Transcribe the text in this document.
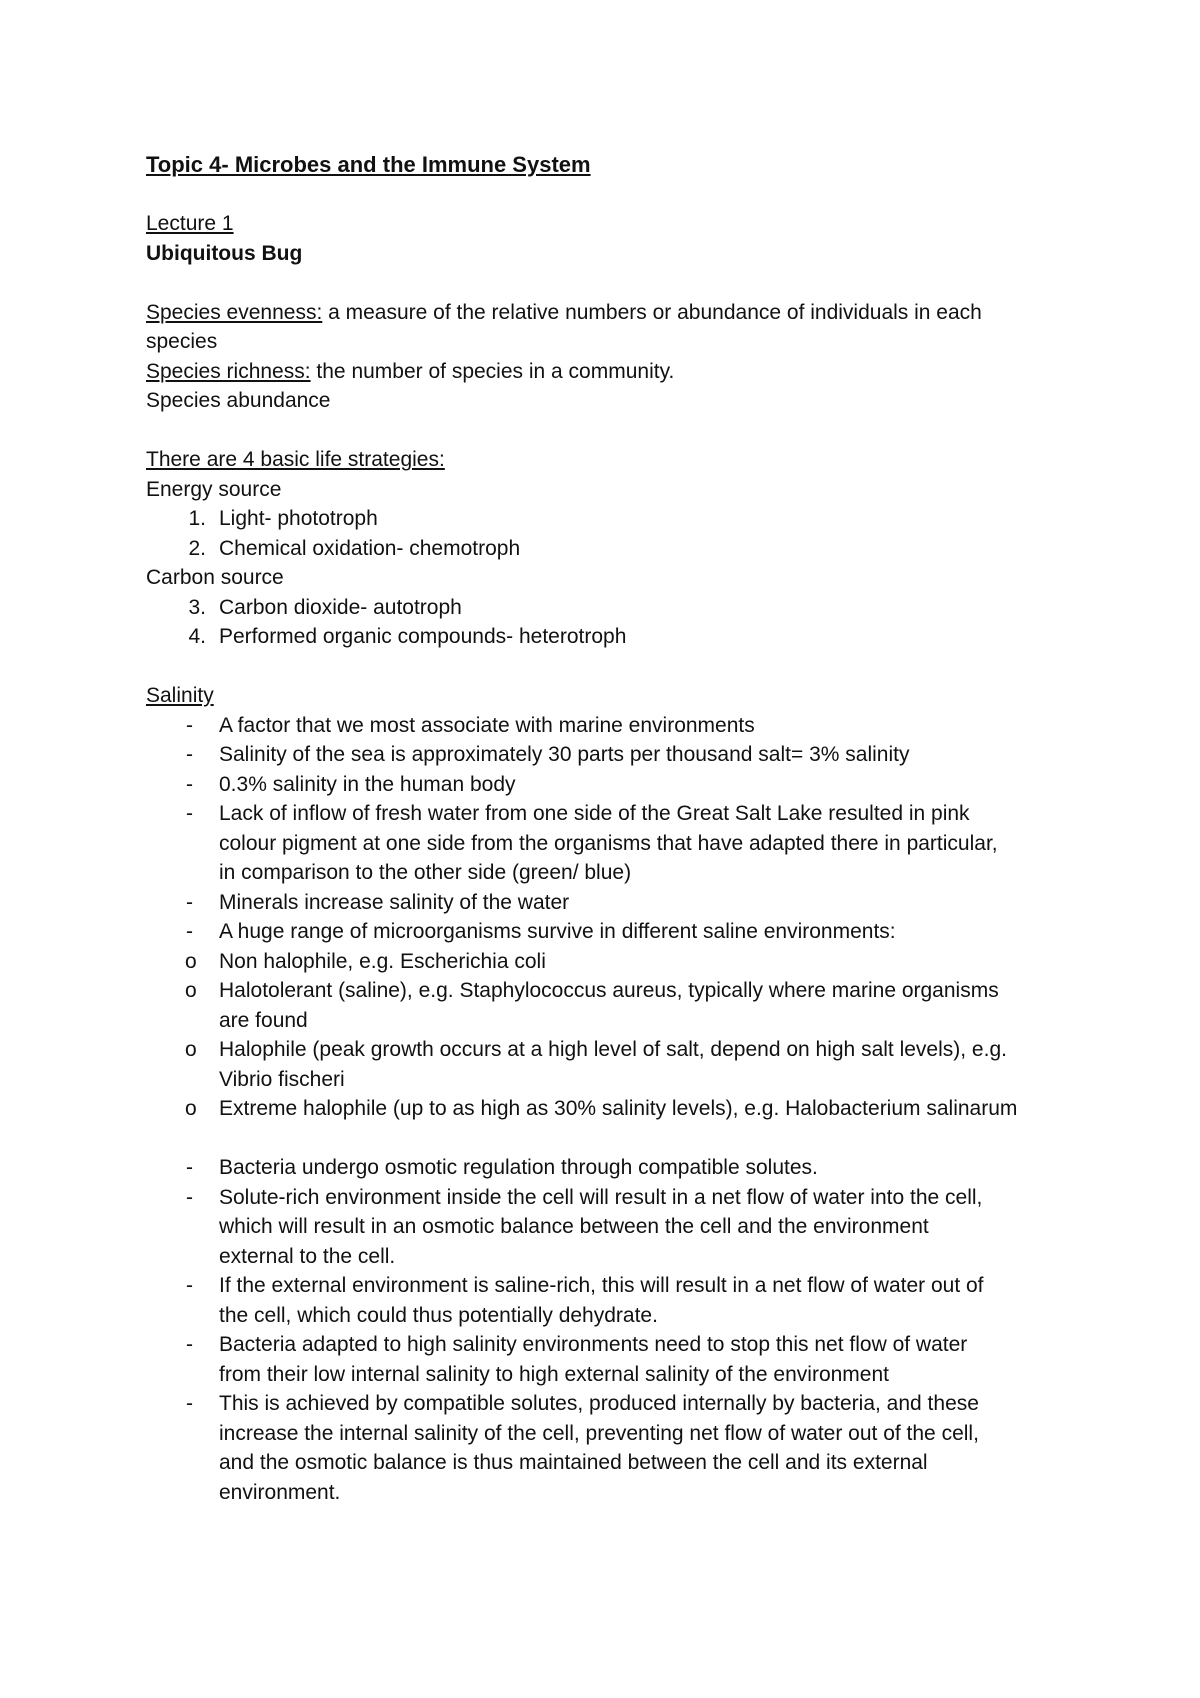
Topic 4- Microbes and the Immune System
Lecture 1
Ubiquitous Bug
Species evenness: a measure of the relative numbers or abundance of individuals in each
species
Species richness: the number of species in a community.
Species abundance
There are 4 basic life strategies:
Energy source
1. Light- phototroph
2. Chemical oxidation- chemotroph
Carbon source
3. Carbon dioxide- autotroph
4. Performed organic compounds- heterotroph
Salinity
-	A factor that we most associate with marine environments
-	Salinity of the sea is approximately 30 parts per thousand salt= 3% salinity
-	0.3% salinity in the human body
-	Lack of inflow of fresh water from one side of the Great Salt Lake resulted in pink
colour pigment at one side from the organisms that have adapted there in particular,
in comparison to the other side (green/ blue)
-	Minerals increase salinity of the water
-	A huge range of microorganisms survive in different saline environments:
o	Non halophile, e.g. Escherichia coli
o	Halotolerant (saline), e.g. Staphylococcus aureus, typically where marine organisms
are found
o	Halophile (peak growth occurs at a high level of salt, depend on high salt levels), e.g.
Vibrio fischeri
o	Extreme halophile (up to as high as 30% salinity levels), e.g. Halobacterium salinarum
-	Bacteria undergo osmotic regulation through compatible solutes.
-	Solute-rich environment inside the cell will result in a net flow of water into the cell,
which will result in an osmotic balance between the cell and the environment
external to the cell.
-	If the external environment is saline-rich, this will result in a net flow of water out of
the cell, which could thus potentially dehydrate.
-	Bacteria adapted to high salinity environments need to stop this net flow of water
from their low internal salinity to high external salinity of the environment
-	This is achieved by compatible solutes, produced internally by bacteria, and these
increase the internal salinity of the cell, preventing net flow of water out of the cell,
and the osmotic balance is thus maintained between the cell and its external
environment.
